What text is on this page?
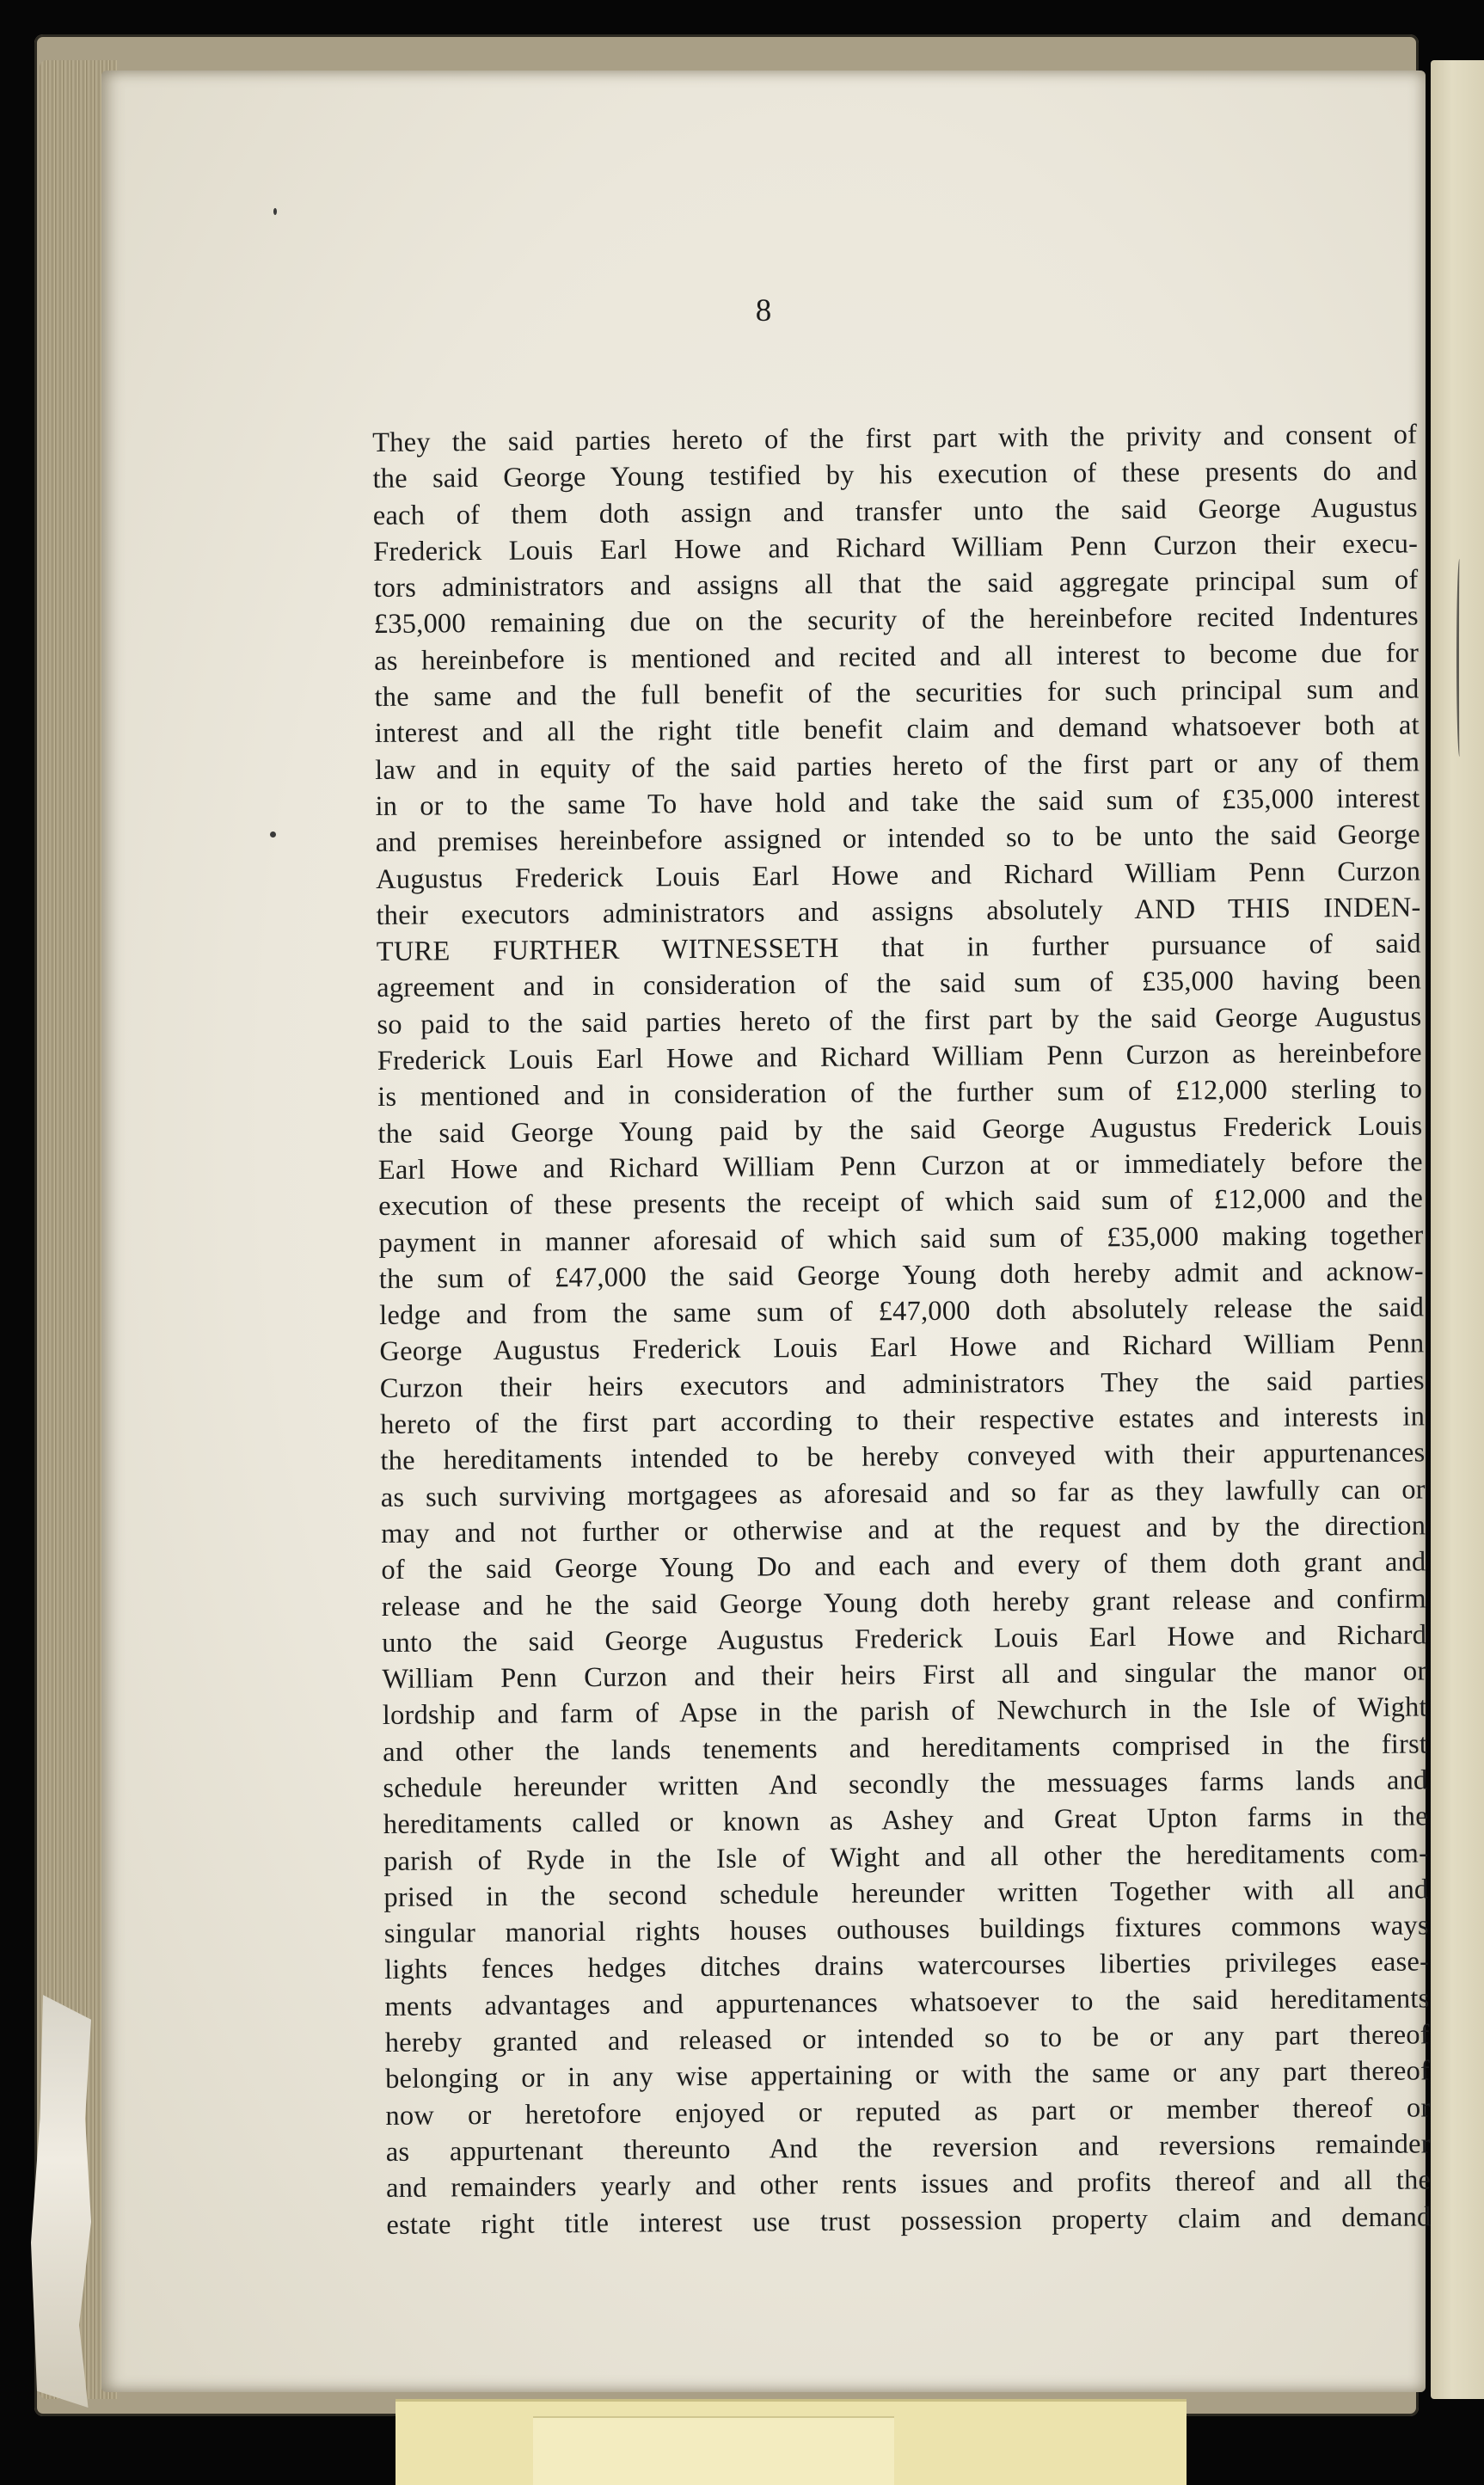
8
They the said parties hereto of the first part with the privity and consent of
the said George Young testified by his execution of these presents do and
each of them doth assign and transfer unto the said George Augustus
Frederick Louis Earl Howe and Richard William Penn Curzon their execu-
tors administrators and assigns all that the said aggregate principal sum of
£35,000 remaining due on the security of the hereinbefore recited Indentures
as hereinbefore is mentioned and recited and all interest to become due for
the same and the full benefit of the securities for such principal sum and
interest and all the right title benefit claim and demand whatsoever both at
law and in equity of the said parties hereto of the first part or any of them
in or to the same To have hold and take the said sum of £35,000 interest
and premises hereinbefore assigned or intended so to be unto the said George
Augustus Frederick Louis Earl Howe and Richard William Penn Curzon
their executors administrators and assigns absolutely AND THIS INDEN-
TURE FURTHER WITNESSETH that in further pursuance of said
agreement and in consideration of the said sum of £35,000 having been
so paid to the said parties hereto of the first part by the said George Augustus
Frederick Louis Earl Howe and Richard William Penn Curzon as hereinbefore
is mentioned and in consideration of the further sum of £12,000 sterling to
the said George Young paid by the said George Augustus Frederick Louis
Earl Howe and Richard William Penn Curzon at or immediately before the
execution of these presents the receipt of which said sum of £12,000 and the
payment in manner aforesaid of which said sum of £35,000 making together
the sum of £47,000 the said George Young doth hereby admit and acknow-
ledge and from the same sum of £47,000 doth absolutely release the said
George Augustus Frederick Louis Earl Howe and Richard William Penn
Curzon their heirs executors and administrators They the said parties
hereto of the first part according to their respective estates and interests in
the hereditaments intended to be hereby conveyed with their appurtenances
as such surviving mortgagees as aforesaid and so far as they lawfully can or
may and not further or otherwise and at the request and by the direction
of the said George Young Do and each and every of them doth grant and
release and he the said George Young doth hereby grant release and confirm
unto the said George Augustus Frederick Louis Earl Howe and Richard
William Penn Curzon and their heirs First all and singular the manor or
lordship and farm of Apse in the parish of Newchurch in the Isle of Wight
and other the lands tenements and hereditaments comprised in the first
schedule hereunder written And secondly the messuages farms lands and
hereditaments called or known as Ashey and Great Upton farms in the
parish of Ryde in the Isle of Wight and all other the hereditaments com-
prised in the second schedule hereunder written Together with all and
singular manorial rights houses outhouses buildings fixtures commons ways
lights fences hedges ditches drains watercourses liberties privileges ease-
ments advantages and appurtenances whatsoever to the said hereditaments
hereby granted and released or intended so to be or any part thereof
belonging or in any wise appertaining or with the same or any part thereof
now or heretofore enjoyed or reputed as part or member thereof or
as appurtenant thereunto And the reversion and reversions remainder
and remainders yearly and other rents issues and profits thereof and all the
estate right title interest use trust possession property claim and demand
